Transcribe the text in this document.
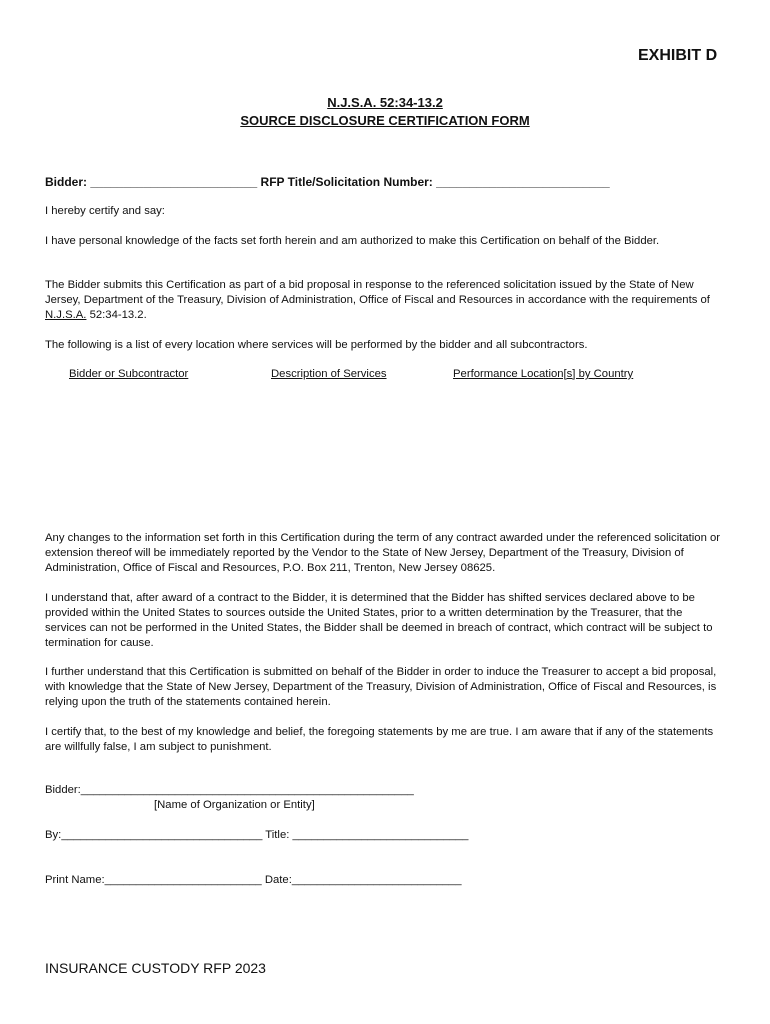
EXHIBIT D
N.J.S.A. 52:34-13.2
SOURCE DISCLOSURE CERTIFICATION FORM
Bidder: _________________________ RFP Title/Solicitation Number: __________________________
I hereby certify and say:
I have personal knowledge of the facts set forth herein and am authorized to make this Certification on behalf of the Bidder.
The Bidder submits this Certification as part of a bid proposal in response to the referenced solicitation issued by the State of New Jersey, Department of the Treasury, Division of Administration, Office of Fiscal and Resources in accordance with the requirements of N.J.S.A. 52:34-13.2.
The following is a list of every location where services will be performed by the bidder and all subcontractors.
Bidder or Subcontractor	Description of Services	Performance Location[s] by Country
Any changes to the information set forth in this Certification during the term of any contract awarded under the referenced solicitation or extension thereof will be immediately reported by the Vendor to the State of New Jersey, Department of the Treasury, Division of Administration, Office of Fiscal and Resources, P.O. Box 211, Trenton, New Jersey 08625.
I understand that, after award of a contract to the Bidder, it is determined that the Bidder has shifted services declared above to be provided within the United States to sources outside the United States, prior to a written determination by the Treasurer, that the services can not be performed in the United States, the Bidder shall be deemed in breach of contract, which contract will be subject to termination for cause.
I further understand that this Certification is submitted on behalf of the Bidder in order to induce the Treasurer to accept a bid proposal, with knowledge that the State of New Jersey, Department of the Treasury, Division of Administration, Office of Fiscal and Resources, is relying upon the truth of the statements contained herein.
I certify that, to the best of my knowledge and belief, the foregoing statements by me are true. I am aware that if any of the statements are willfully false, I am subject to punishment.
Bidder:_____________________________________________________
[Name of Organization or Entity]
By:________________________________ Title: ____________________________
Print Name:_________________________ Date:___________________________
INSURANCE CUSTODY RFP 2023
